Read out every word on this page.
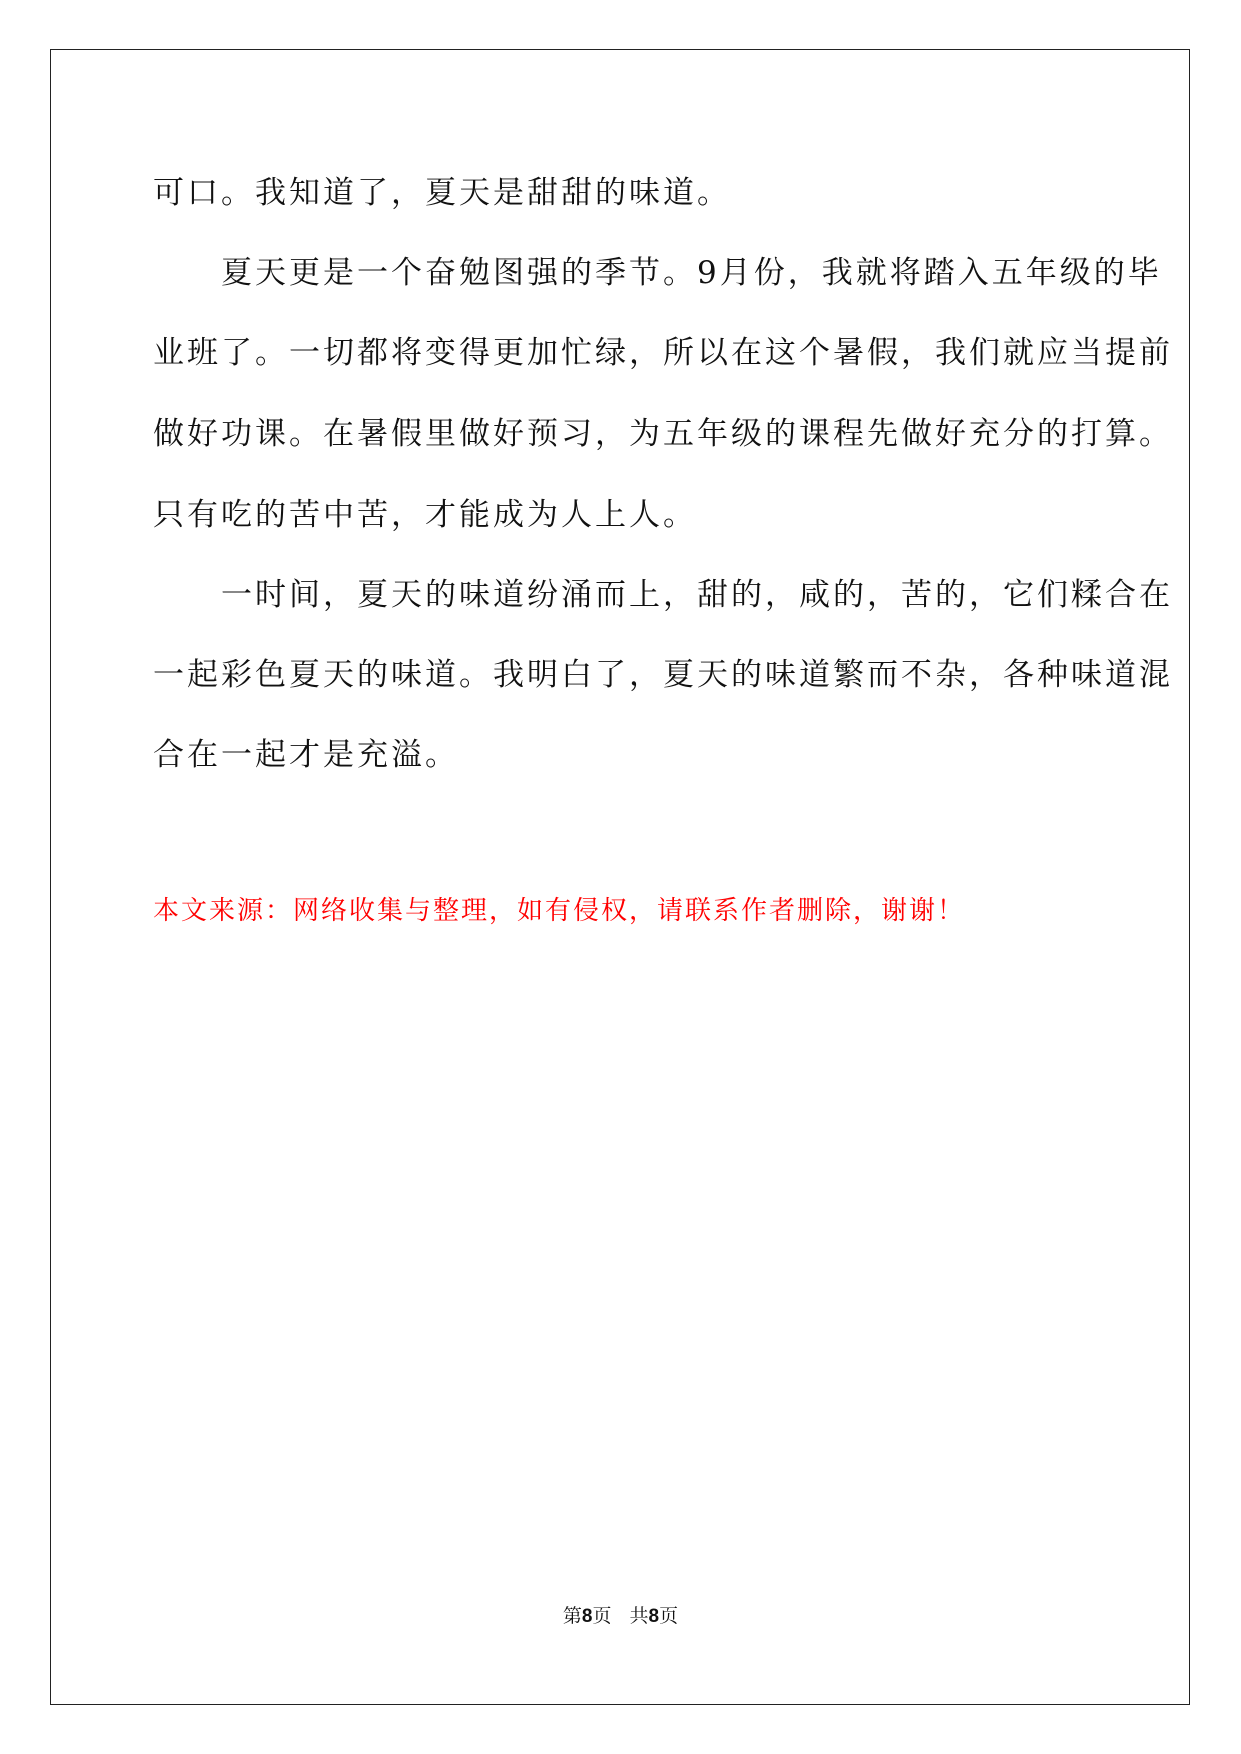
可口。我知道了，夏天是甜甜的味道。
　　夏天更是一个奋勉图强的季节。9月份，我就将踏入五年级的毕
业班了。一切都将变得更加忙绿，所以在这个暑假，我们就应当提前
做好功课。在暑假里做好预习，为五年级的课程先做好充分的打算。
只有吃的苦中苦，才能成为人上人。
　　一时间，夏天的味道纷涌而上，甜的，咸的，苦的，它们糅合在
一起彩色夏天的味道。我明白了，夏天的味道繁而不杂，各种味道混
合在一起才是充溢。
本文来源：网络收集与整理，如有侵权，请联系作者删除，谢谢！
第8页 共8页
